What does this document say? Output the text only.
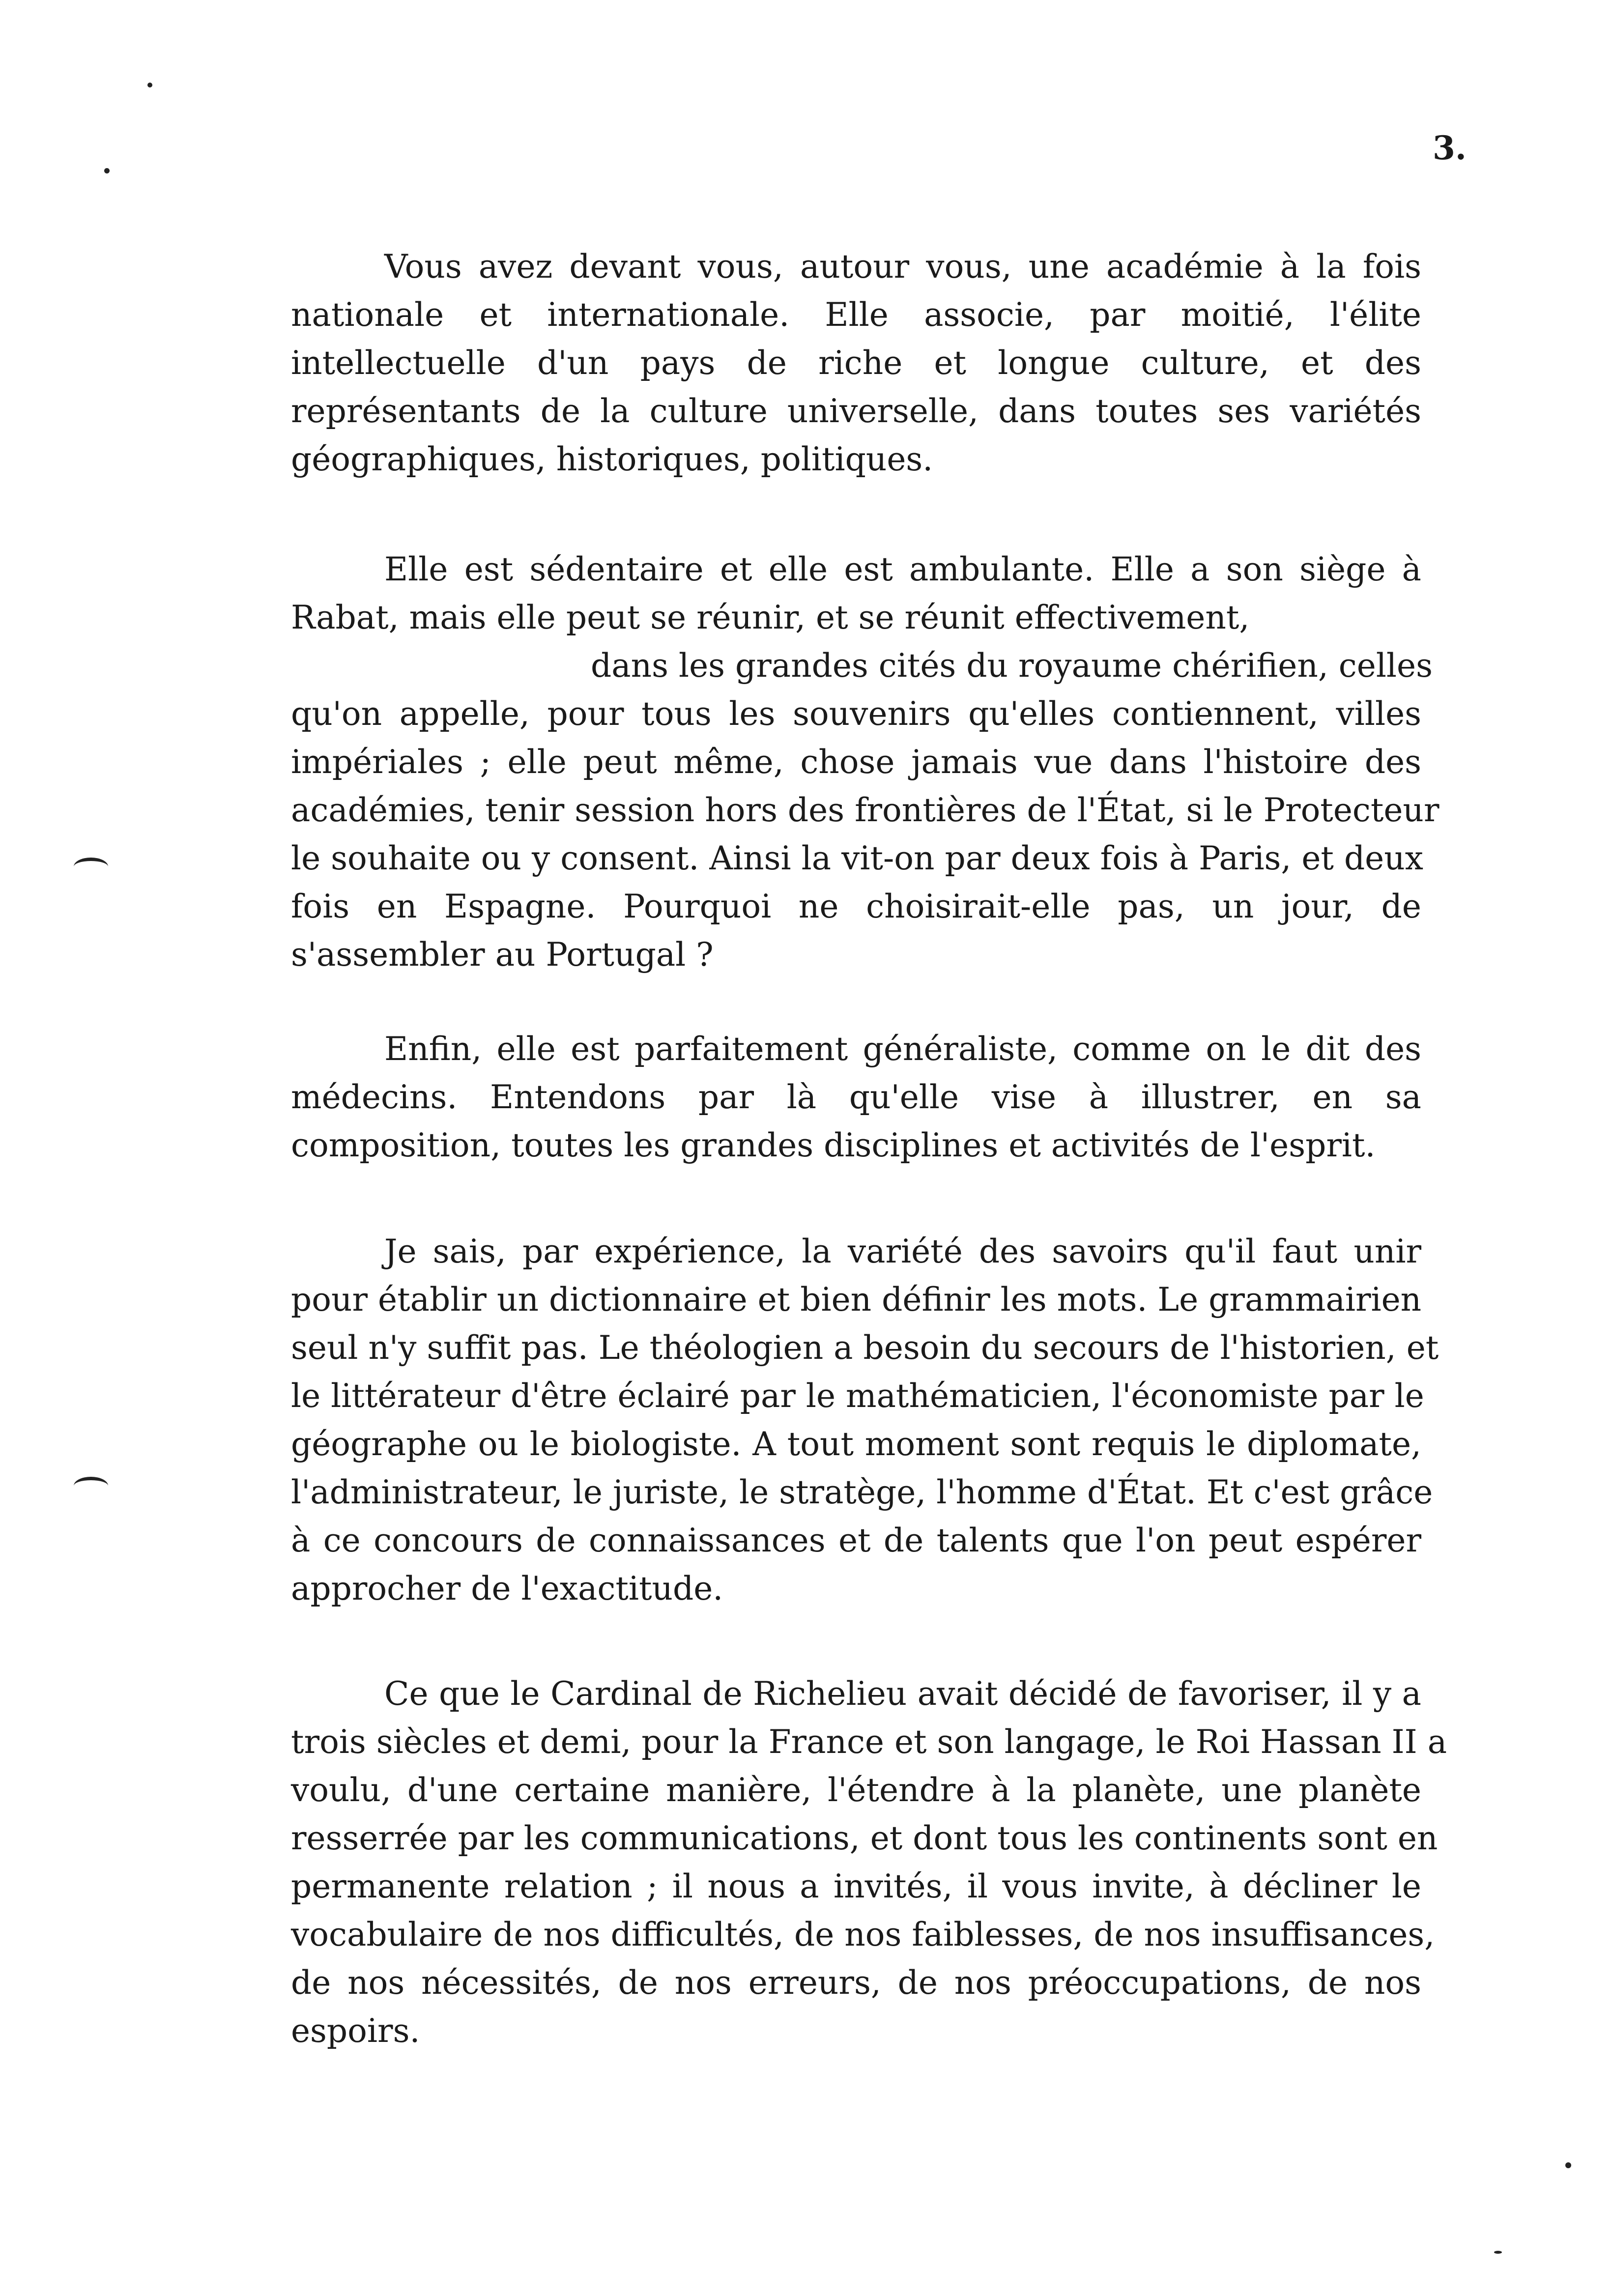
3.
Vous avez devant vous, autour vous, une académie à la fois
nationale et internationale. Elle associe, par moitié, l'élite
intellectuelle d'un pays de riche et longue culture, et des
représentants de la culture universelle, dans toutes ses variétés
géographiques, historiques, politiques.
Elle est sédentaire et elle est ambulante. Elle a son siège à
Rabat, mais elle peut se réunir, et se réunit effectivement,
dans les grandes cités du royaume chérifien, celles
qu'on appelle, pour tous les souvenirs qu'elles contiennent, villes
impériales ; elle peut même, chose jamais vue dans l'histoire des
académies, tenir session hors des frontières de l'État, si le Protecteur
le souhaite ou y consent. Ainsi la vit-on par deux fois à Paris, et deux
fois en Espagne. Pourquoi ne choisirait-elle pas, un jour, de
s'assembler au Portugal ?
Enfin, elle est parfaitement généraliste, comme on le dit des
médecins. Entendons par là qu'elle vise à illustrer, en sa
composition, toutes les grandes disciplines et activités de l'esprit.
Je sais, par expérience, la variété des savoirs qu'il faut unir
pour établir un dictionnaire et bien définir les mots. Le grammairien
seul n'y suffit pas. Le théologien a besoin du secours de l'historien, et
le littérateur d'être éclairé par le mathématicien, l'économiste par le
géographe ou le biologiste. A tout moment sont requis le diplomate,
l'administrateur, le juriste, le stratège, l'homme d'État. Et c'est grâce
à ce concours de connaissances et de talents que l'on peut espérer
approcher de l'exactitude.
Ce que le Cardinal de Richelieu avait décidé de favoriser, il y a
trois siècles et demi, pour la France et son langage, le Roi Hassan II a
voulu, d'une certaine manière, l'étendre à la planète, une planète
resserrée par les communications, et dont tous les continents sont en
permanente relation ; il nous a invités, il vous invite, à décliner le
vocabulaire de nos difficultés, de nos faiblesses, de nos insuffisances,
de nos nécessités, de nos erreurs, de nos préoccupations, de nos
espoirs.
